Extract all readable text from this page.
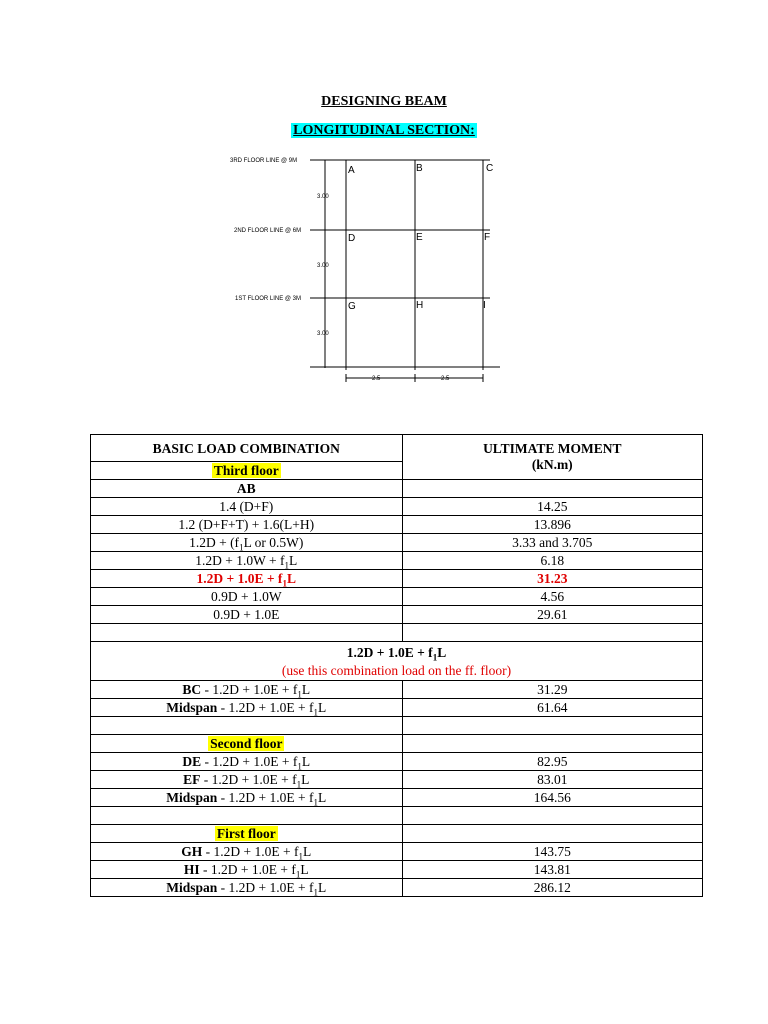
DESIGNING BEAM
LONGITUDINAL SECTION:
3RD FLOOR LINE @ 9M
2ND FLOOR LINE @ 6M
1ST FLOOR LINE @ 3M
3.00
3.00
3.00
2.5	2.5
A	B	C
D	E	F
G	H	I
BASIC LOAD COMBINATION	ULTIMATE MOMENT
(kN.m)

Third floor	
AB	
1.4 (D+F)	14.25
1.2 (D+F+T) + 1.6(L+H)	13.896
$1.2D + (f_1L$ or 0.5W)	3.33 and 3.705
$1.2D + 1.0W + f_1L$	6.18
$1.2D + 1.0E + f_1L$	31.23
0.9D + 1.0W	4.56
0.9D + 1.0E	29.61

$1.2D + 1.0E + f_1L$
(use this combination load on the ff. floor)	

BC - $1.2D + 1.0E + f_1L$	31.29
Midspan - $1.2D + 1.0E + f_1L$	61.64

Second floor	
DE - $1.2D + 1.0E + f_1L$	82.95
EF - $1.2D + 1.0E + f_1L$	83.01
Midspan - $1.2D + 1.0E + f_1L$	164.56

First floor	
GH - $1.2D + 1.0E + f_1L$	143.75
HI - $1.2D + 1.0E + f_1L$	143.81
Midspan - $1.2D + 1.0E + f_1L$	286.12
